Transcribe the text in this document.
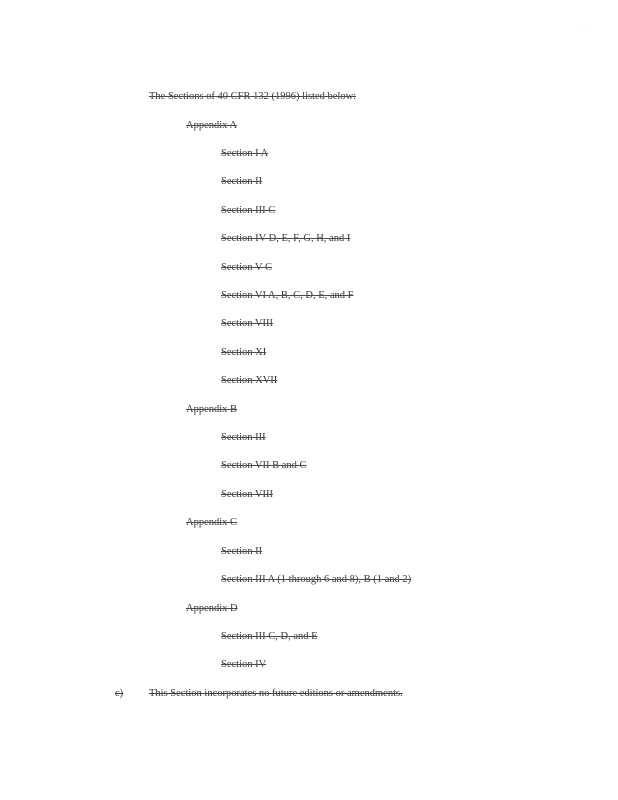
· · · · ·
The Sections of 40 CFR 132 (1996) listed below:
Appendix A
Section I A
Section II
Section III C
Section IV D, E, F, G, H, and I
Section V C
Section VI A, B, C, D, E, and F
Section VIII
Section XI
Section XVII
Appendix B
Section III
Section VII B and C
Section VIII
Appendix C
Section II
Section III A (1 through 6 and 8), B (1 and 2)
Appendix D
Section III C, D, and E
Section IV
c) This Section incorporates no future editions or amendments.
